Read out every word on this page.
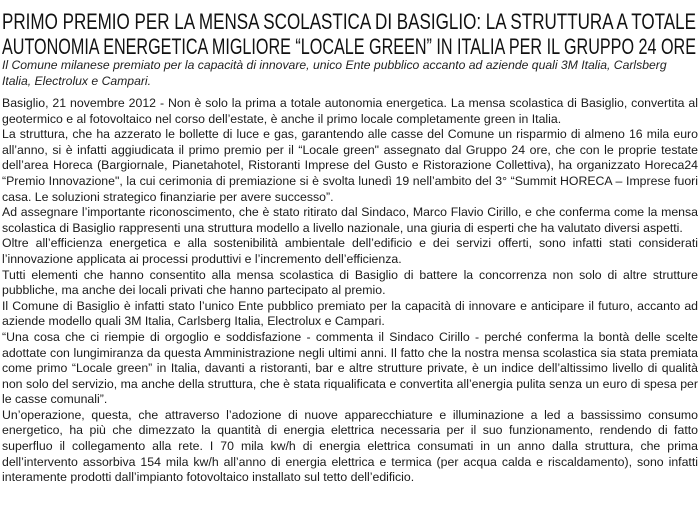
PRIMO PREMIO PER LA MENSA SCOLASTICA DI BASIGLIO: LA STRUTTURA A TOTALE
AUTONOMIA ENERGETICA MIGLIORE “LOCALE GREEN” IN ITALIA PER IL GRUPPO 24 ORE
Il Comune milanese premiato per la capacità di innovare, unico Ente pubblico accanto ad aziende quali 3M Italia, Carlsberg Italia, Electrolux e Campari.

Basiglio, 21 novembre 2012 - Non è solo la prima a totale autonomia energetica. La mensa scolastica di Basiglio, convertita al geotermico e al fotovoltaico nel corso dell’estate, è anche il primo locale completamente green in Italia.

La struttura, che ha azzerato le bollette di luce e gas, garantendo alle casse del Comune un risparmio di almeno 16 mila euro all’anno, si è infatti aggiudicata il primo premio per il “Locale green" assegnato dal Gruppo 24 ore, che con le proprie testate dell’area Horeca (Bargiornale, Pianetahotel, Ristoranti Imprese del Gusto e Ristorazione Collettiva), ha organizzato Horeca24 “Premio Innovazione", la cui cerimonia di premiazione si è svolta lunedì 19 nell’ambito del 3° “Summit HORECA – Imprese fuori casa. Le soluzioni strategico finanziarie per avere successo”.

Ad assegnare l’importante riconoscimento, che è stato ritirato dal Sindaco, Marco Flavio Cirillo, e che conferma come la mensa scolastica di Basiglio rappresenti una struttura modello a livello nazionale, una giuria di esperti che ha valutato diversi aspetti.

Oltre all’efficienza energetica e alla sostenibilità ambientale dell’edificio e dei servizi offerti, sono infatti stati considerati l’innovazione applicata ai processi produttivi e l’incremento dell’efficienza.

Tutti elementi che hanno consentito alla mensa scolastica di Basiglio di battere la concorrenza non solo di altre strutture pubbliche, ma anche dei locali privati che hanno partecipato al premio.

Il Comune di Basiglio è infatti stato l’unico Ente pubblico premiato per la capacità di innovare e anticipare il futuro, accanto ad aziende modello quali 3M Italia, Carlsberg Italia, Electrolux e Campari.

“Una cosa che ci riempie di orgoglio e soddisfazione - commenta il Sindaco Cirillo - perché conferma la bontà delle scelte adottate con lungimiranza da questa Amministrazione negli ultimi anni. Il fatto che la nostra mensa scolastica sia stata premiata come primo “Locale green” in Italia, davanti a ristoranti, bar e altre strutture private, è un indice dell’altissimo livello di qualità non solo del servizio, ma anche della struttura, che è stata riqualificata e convertita all’energia pulita senza un euro di spesa per le casse comunali”.

Un’operazione, questa, che attraverso l’adozione di nuove apparecchiature e illuminazione a led a bassissimo consumo energetico, ha più che dimezzato la quantità di energia elettrica necessaria per il suo funzionamento, rendendo di fatto superfluo il collegamento alla rete. I 70 mila kw/h di energia elettrica consumati in un anno dalla struttura, che prima dell’intervento assorbiva 154 mila kw/h all’anno di energia elettrica e termica (per acqua calda e riscaldamento), sono infatti interamente prodotti dall’impianto fotovoltaico installato sul tetto dell’edificio.
